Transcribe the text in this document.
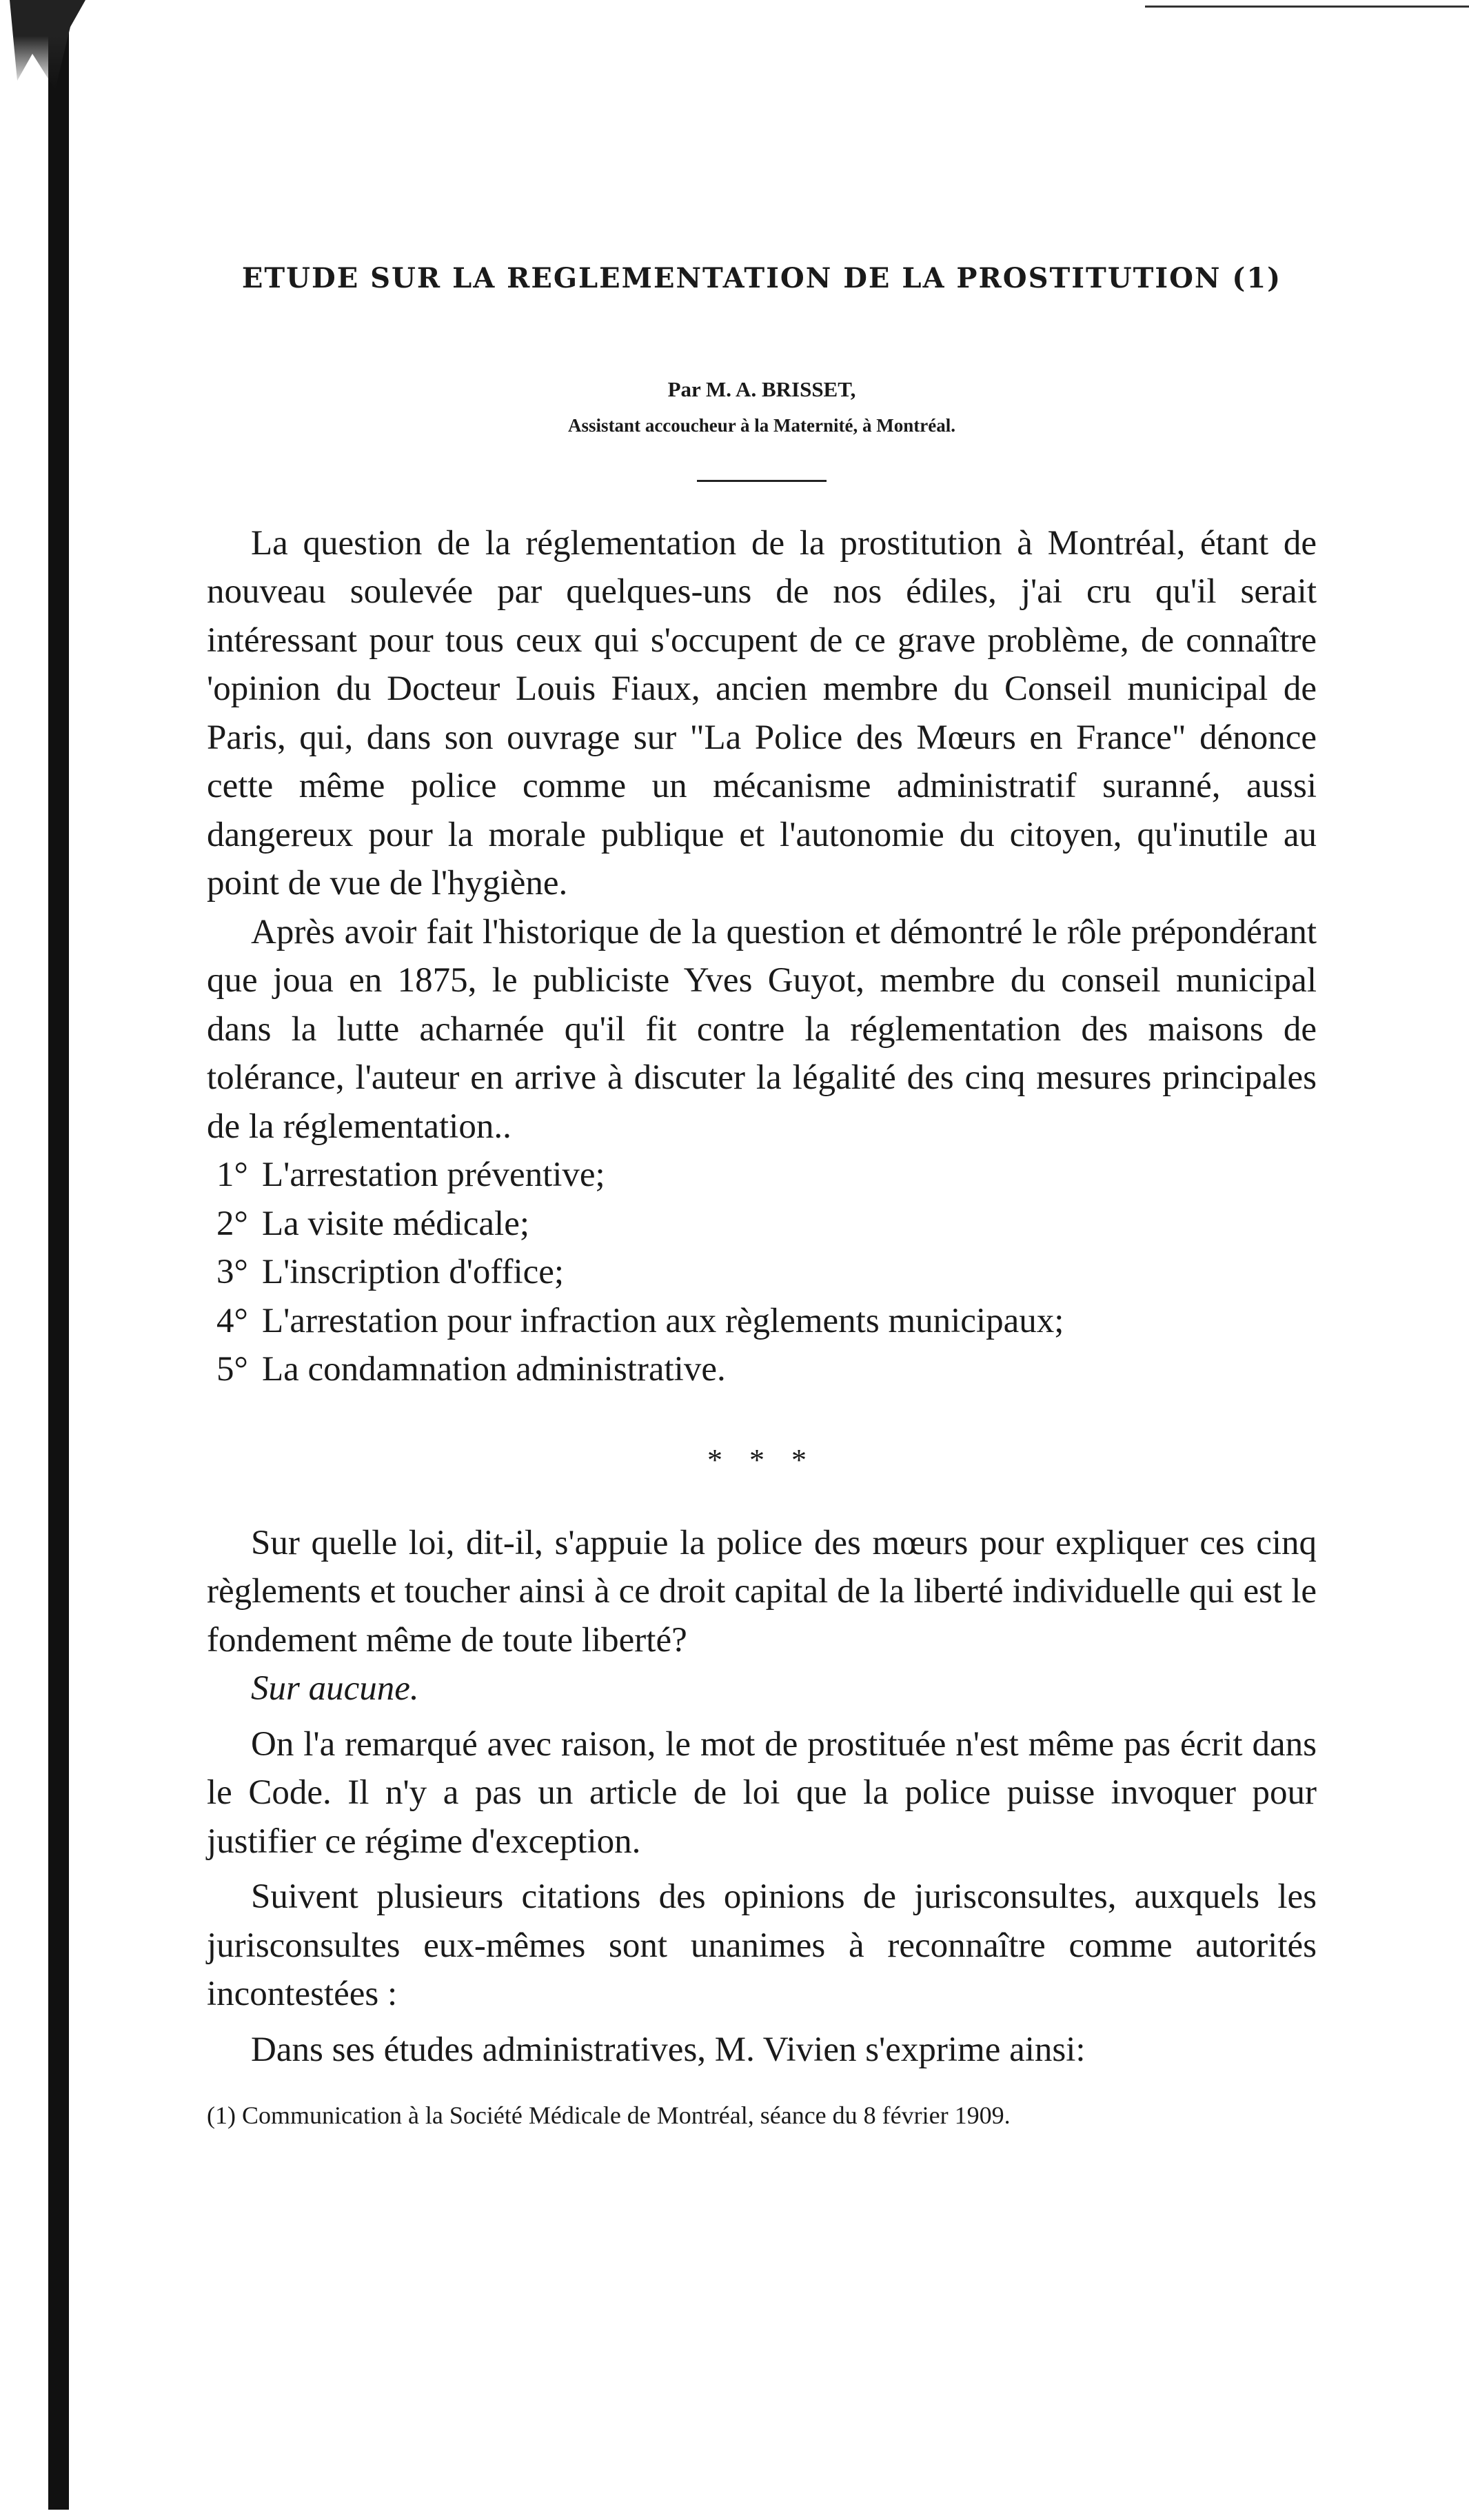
ETUDE SUR LA REGLEMENTATION DE LA PROSTITUTION (1)
Par M. A. BRISSET,
Assistant accoucheur à la Maternité, à Montréal.

La question de la réglementation de la prostitution à Montréal, étant de nouveau soulevée par quelques-uns de nos édiles, j'ai cru qu'il serait intéressant pour tous ceux qui s'occupent de ce grave problème, de connaître 'opinion du Docteur Louis Fiaux, ancien membre du Conseil municipal de Paris, qui, dans son ouvrage sur "La Police des Mœurs en France" dénonce cette même police comme un mécanisme administratif suranné, aussi dangereux pour la morale publique et l'autonomie du citoyen, qu'inutile au point de vue de l'hygiène.

Après avoir fait l'historique de la question et démontré le rôle prépondérant que joua en 1875, le publiciste Yves Guyot, membre du conseil municipal dans la lutte acharnée qu'il fit contre la réglementation des maisons de tolérance, l'auteur en arrive à discuter la légalité des cinq mesures principales de la réglementation..

1° L'arrestation préventive;
2° La visite médicale;
3° L'inscription d'office;
4° L'arrestation pour infraction aux règlements municipaux;
5° La condamnation administrative.
* * *

Sur quelle loi, dit-il, s'appuie la police des mœurs pour expliquer ces cinq règlements et toucher ainsi à ce droit capital de la liberté individuelle qui est le fondement même de toute liberté?

Sur aucune.

On l'a remarqué avec raison, le mot de prostituée n'est même pas écrit dans le Code. Il n'y a pas un article de loi que la police puisse invoquer pour justifier ce régime d'exception.

Suivent plusieurs citations des opinions de jurisconsultes, auxquels les jurisconsultes eux-mêmes sont unanimes à reconnaître comme autorités incontestées :

Dans ses études administratives, M. Vivien s'exprime ainsi:

(1) Communication à la Société Médicale de Montréal, séance du 8 février 1909.
